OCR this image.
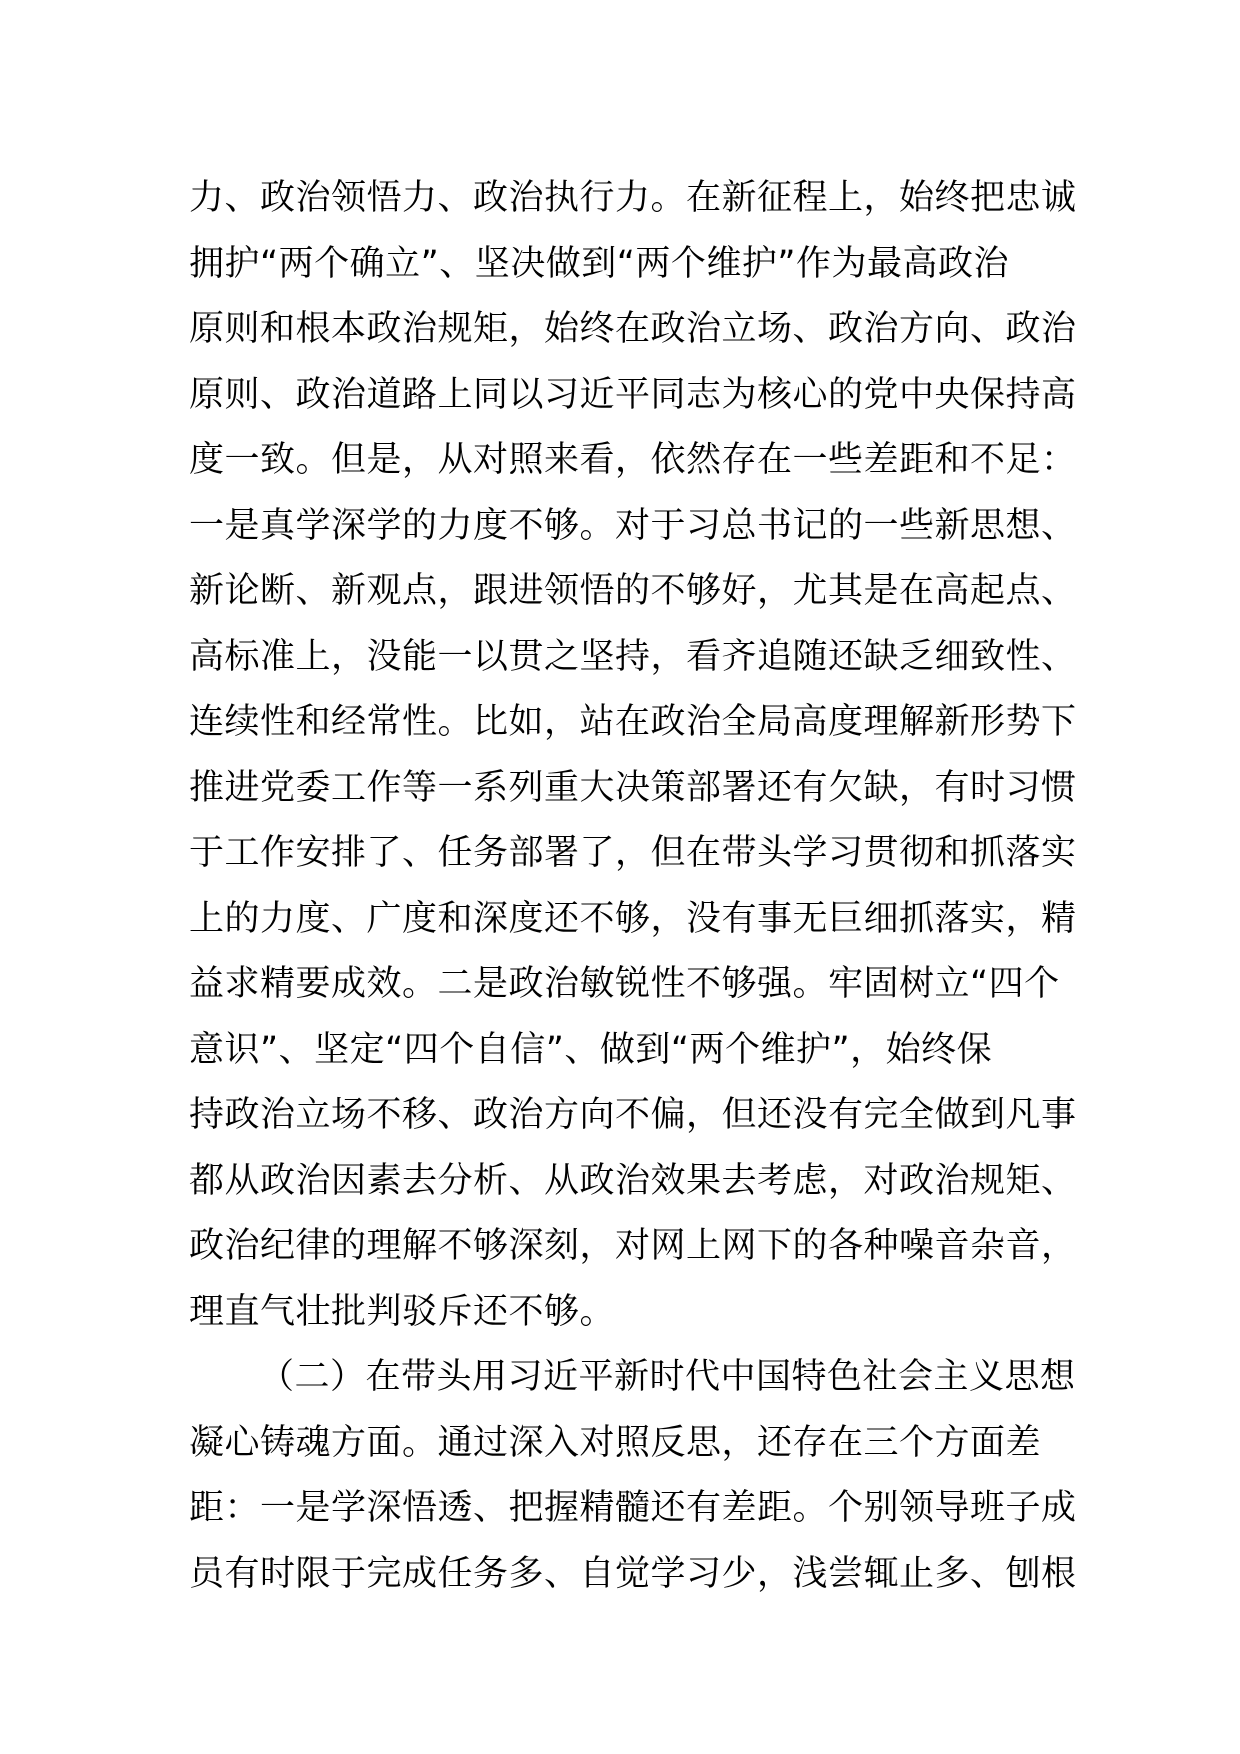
力、政治领悟力、政治执行力。在新征程上，始终把忠诚
拥护“两个确立”、坚决做到“两个维护”作为最高政治
原则和根本政治规矩，始终在政治立场、政治方向、政治
原则、政治道路上同以习近平同志为核心的党中央保持高
度一致。但是，从对照来看，依然存在一些差距和不足：
一是真学深学的力度不够。对于习总书记的一些新思想、
新论断、新观点，跟进领悟的不够好，尤其是在高起点、
高标准上，没能一以贯之坚持，看齐追随还缺乏细致性、
连续性和经常性。比如，站在政治全局高度理解新形势下
推进党委工作等一系列重大决策部署还有欠缺，有时习惯
于工作安排了、任务部署了，但在带头学习贯彻和抓落实
上的力度、广度和深度还不够，没有事无巨细抓落实，精
益求精要成效。二是政治敏锐性不够强。牢固树立“四个
意识”、坚定“四个自信”、做到“两个维护”，始终保
持政治立场不移、政治方向不偏，但还没有完全做到凡事
都从政治因素去分析、从政治效果去考虑，对政治规矩、
政治纪律的理解不够深刻，对网上网下的各种噪音杂音，
理直气壮批判驳斥还不够。
（二）在带头用习近平新时代中国特色社会主义思想
凝心铸魂方面。通过深入对照反思，还存在三个方面差
距：一是学深悟透、把握精髓还有差距。个别领导班子成
员有时限于完成任务多、自觉学习少，浅尝辄止多、刨根
